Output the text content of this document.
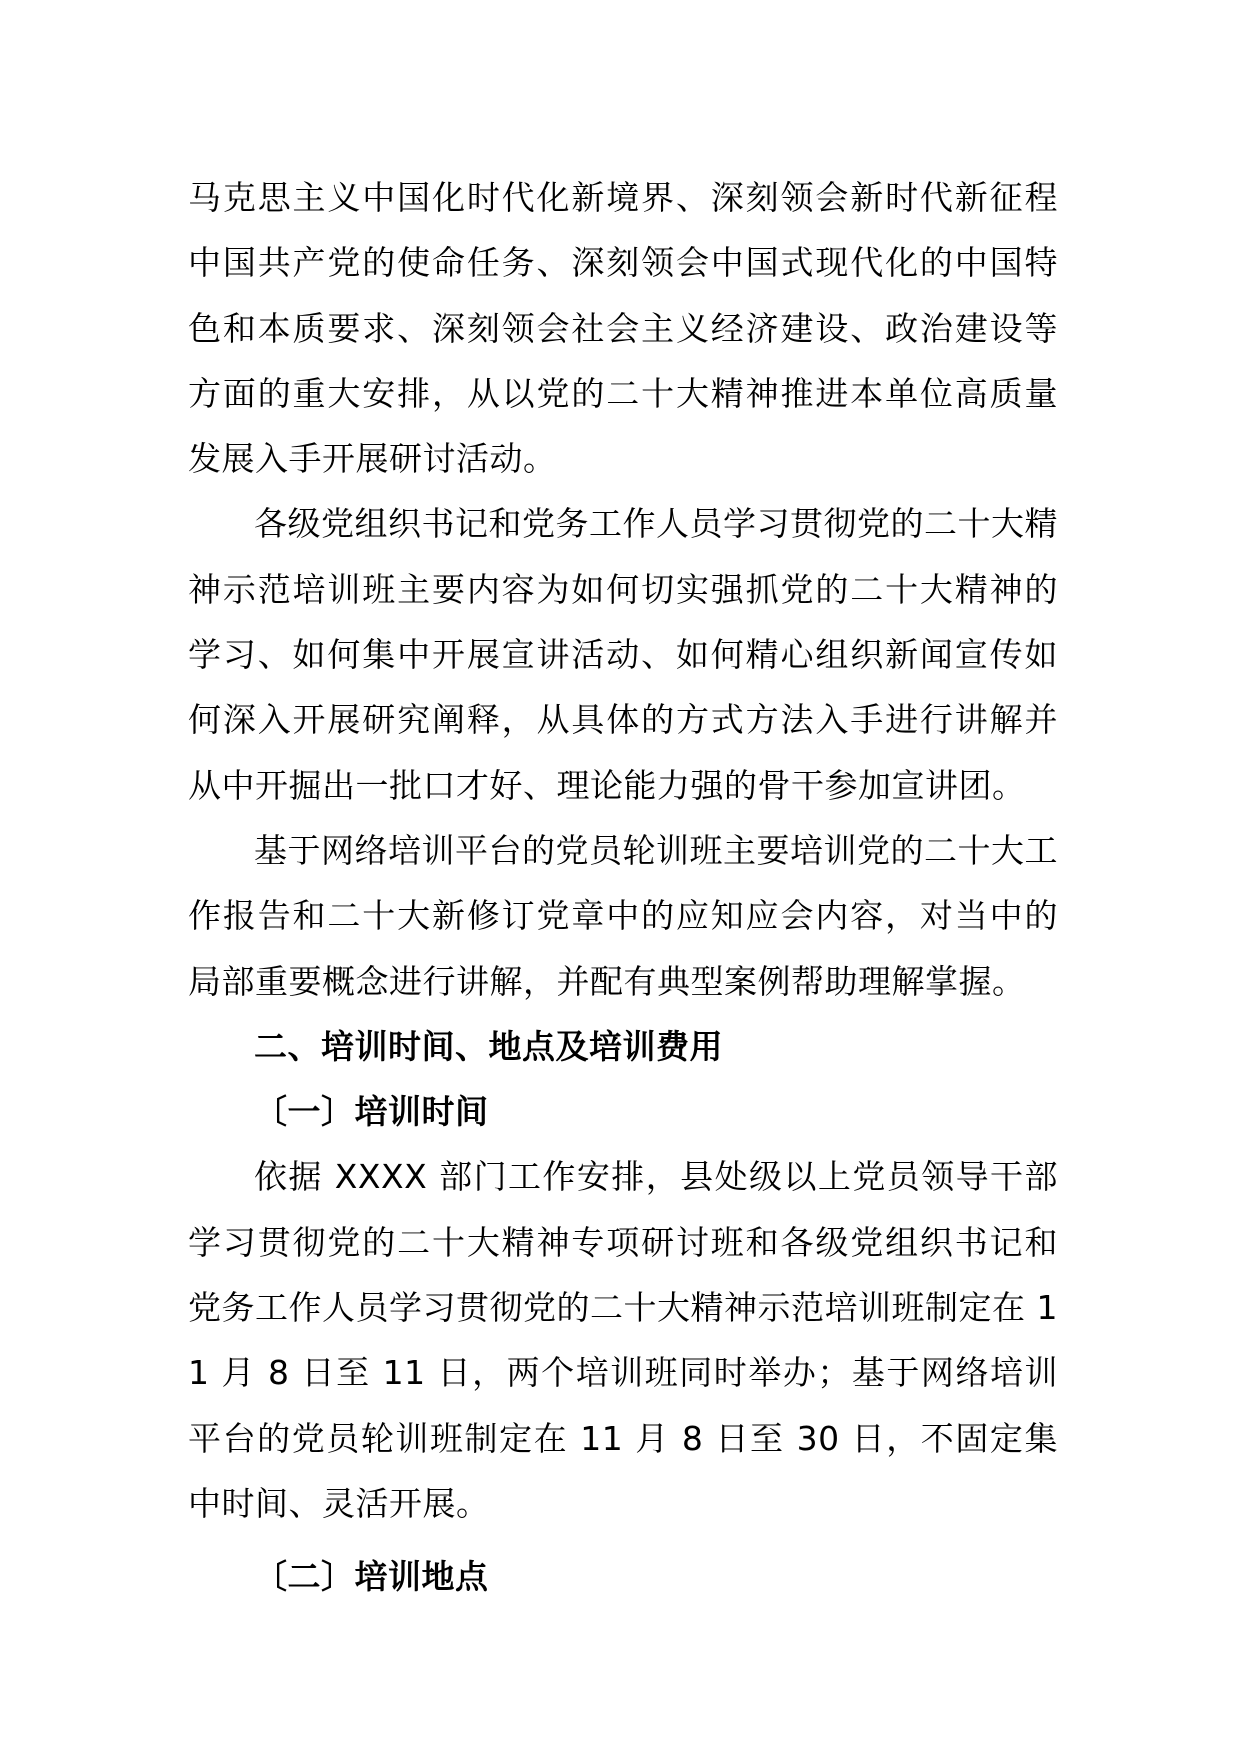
马克思主义中国化时代化新境界、深刻领会新时代新征程中国共产党的使命任务、深刻领会中国式现代化的中国特色和本质要求、深刻领会社会主义经济建设、政治建设等方面的重大安排，从以党的二十大精神推进本单位高质量发展入手开展研讨活动。

各级党组织书记和党务工作人员学习贯彻党的二十大精神示范培训班主要内容为如何切实强抓党的二十大精神的学习、如何集中开展宣讲活动、如何精心组织新闻宣传如何深入开展研究阐释，从具体的方式方法入手进行讲解并从中开掘出一批口才好、理论能力强的骨干参加宣讲团。

基于网络培训平台的党员轮训班主要培训党的二十大工作报告和二十大新修订党章中的应知应会内容，对当中的局部重要概念进行讲解，并配有典型案例帮助理解掌握。

二、培训时间、地点及培训费用

〔一〕培训时间

依据 XXXX 部门工作安排，县处级以上党员领导干部学习贯彻党的二十大精神专项研讨班和各级党组织书记和党务工作人员学习贯彻党的二十大精神示范培训班制定在 11 月 8 日至 11 日，两个培训班同时举办；基于网络培训平台的党员轮训班制定在 11 月 8 日至 30 日，不固定集中时间、灵活开展。

〔二〕培训地点
